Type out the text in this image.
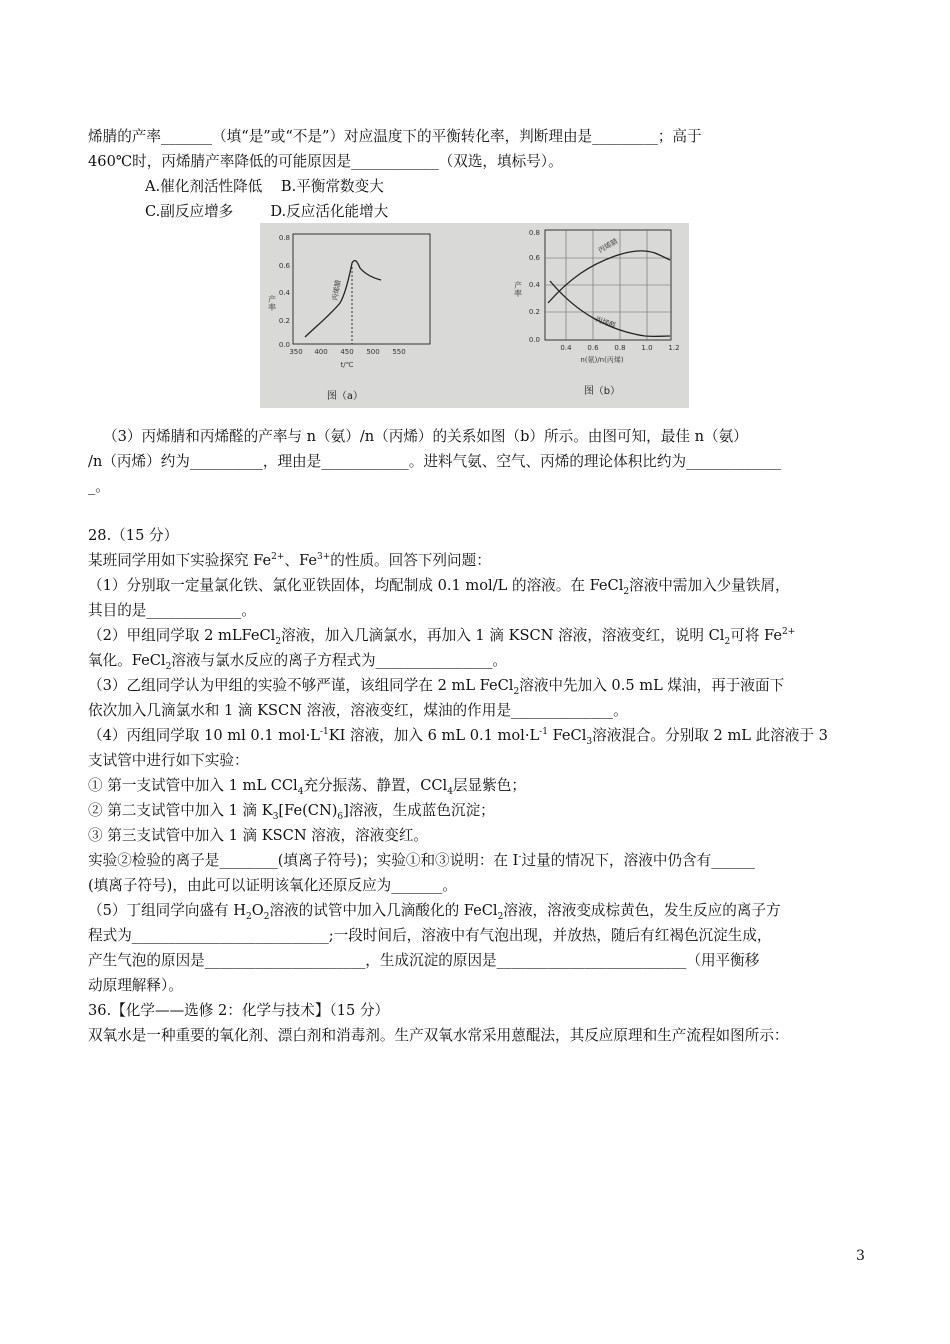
烯腈的产率_______（填“是”或“不是”）对应温度下的平衡转化率，判断理由是_________；高于
460℃时，丙烯腈产率降低的可能原因是____________（双选，填标号）。
A.催化剂活性降低    B.平衡常数变大
C.副反应增多        D.反应活化能增大
0.8
0.6
0.4
0.2
0.0
350 400 450 500 550
产率
t/℃
丙烯腈
图（a）
0.8
0.6
0.4
0.2
0.0
0.4 0.6 0.8 1.0 1.2
产率
n(氨)/n(丙烯)
丙烯腈
丙烯醛
图（b）
（3）丙烯腈和丙烯醛的产率与 n（氨）/n（丙烯）的关系如图（b）所示。由图可知，最佳 n（氨）
/n（丙烯）约为__________，理由是____________。进料气氨、空气、丙烯的理论体积比约为_____________
_。
28.（15 分）
某班同学用如下实验探究 $Fe^{2+}$、$Fe^{3+}$的性质。回答下列问题：
（1）分别取一定量氯化铁、氯化亚铁固体，均配制成 0.1 mol/L 的溶液。在 FeCl$_2$溶液中需加入少量铁屑，
其目的是_____________。
（2）甲组同学取 2 mLFeCl$_2$溶液，加入几滴氯水，再加入 1 滴 KSCN 溶液，溶液变红，说明 $Cl_2$可将 $Fe^{2+}$
氧化。FeCl$_2$溶液与氯水反应的离子方程式为________________。
（3）乙组同学认为甲组的实验不够严谨，该组同学在 2 mL FeCl$_2$溶液中先加入 0.5 mL 煤油，再于液面下
依次加入几滴氯水和 1 滴 KSCN 溶液，溶液变红，煤油的作用是______________。
（4）丙组同学取 10 ml 0.1 $mol\cdot L^{-1}KI$ 溶液，加入 6 mL 0.1 $mol\cdot L^{-1}$ FeCl$_3$溶液混合。分别取 2 mL 此溶液于 3
支试管中进行如下实验：
① 第一支试管中加入 1 mL CCl$_4$充分振荡、静置，CCl$_4$层显紫色；
② 第二支试管中加入 1 滴 $K_3[Fe(CN)_6]$溶液，生成蓝色沉淀；
③ 第三支试管中加入 1 滴 KSCN 溶液，溶液变红。
实验②检验的离子是________(填离子符号)；实验①和③说明：在 I-过量的情况下，溶液中仍含有______
(填离子符号)，由此可以证明该氧化还原反应为_______。
（5）丁组同学向盛有 $H_2O_2$溶液的试管中加入几滴酸化的 FeCl$_2$溶液，溶液变成棕黄色，发生反应的离子方
程式为___________________________;一段时间后，溶液中有气泡出现，并放热，随后有红褐色沉淀生成，
产生气泡的原因是______________________，生成沉淀的原因是__________________________（用平衡移
动原理解释）。
36.【化学——选修 2：化学与技术】（15 分）
双氧水是一种重要的氧化剂、漂白剂和消毒剂。生产双氧水常采用蒽醌法，其反应原理和生产流程如图所示：
3
